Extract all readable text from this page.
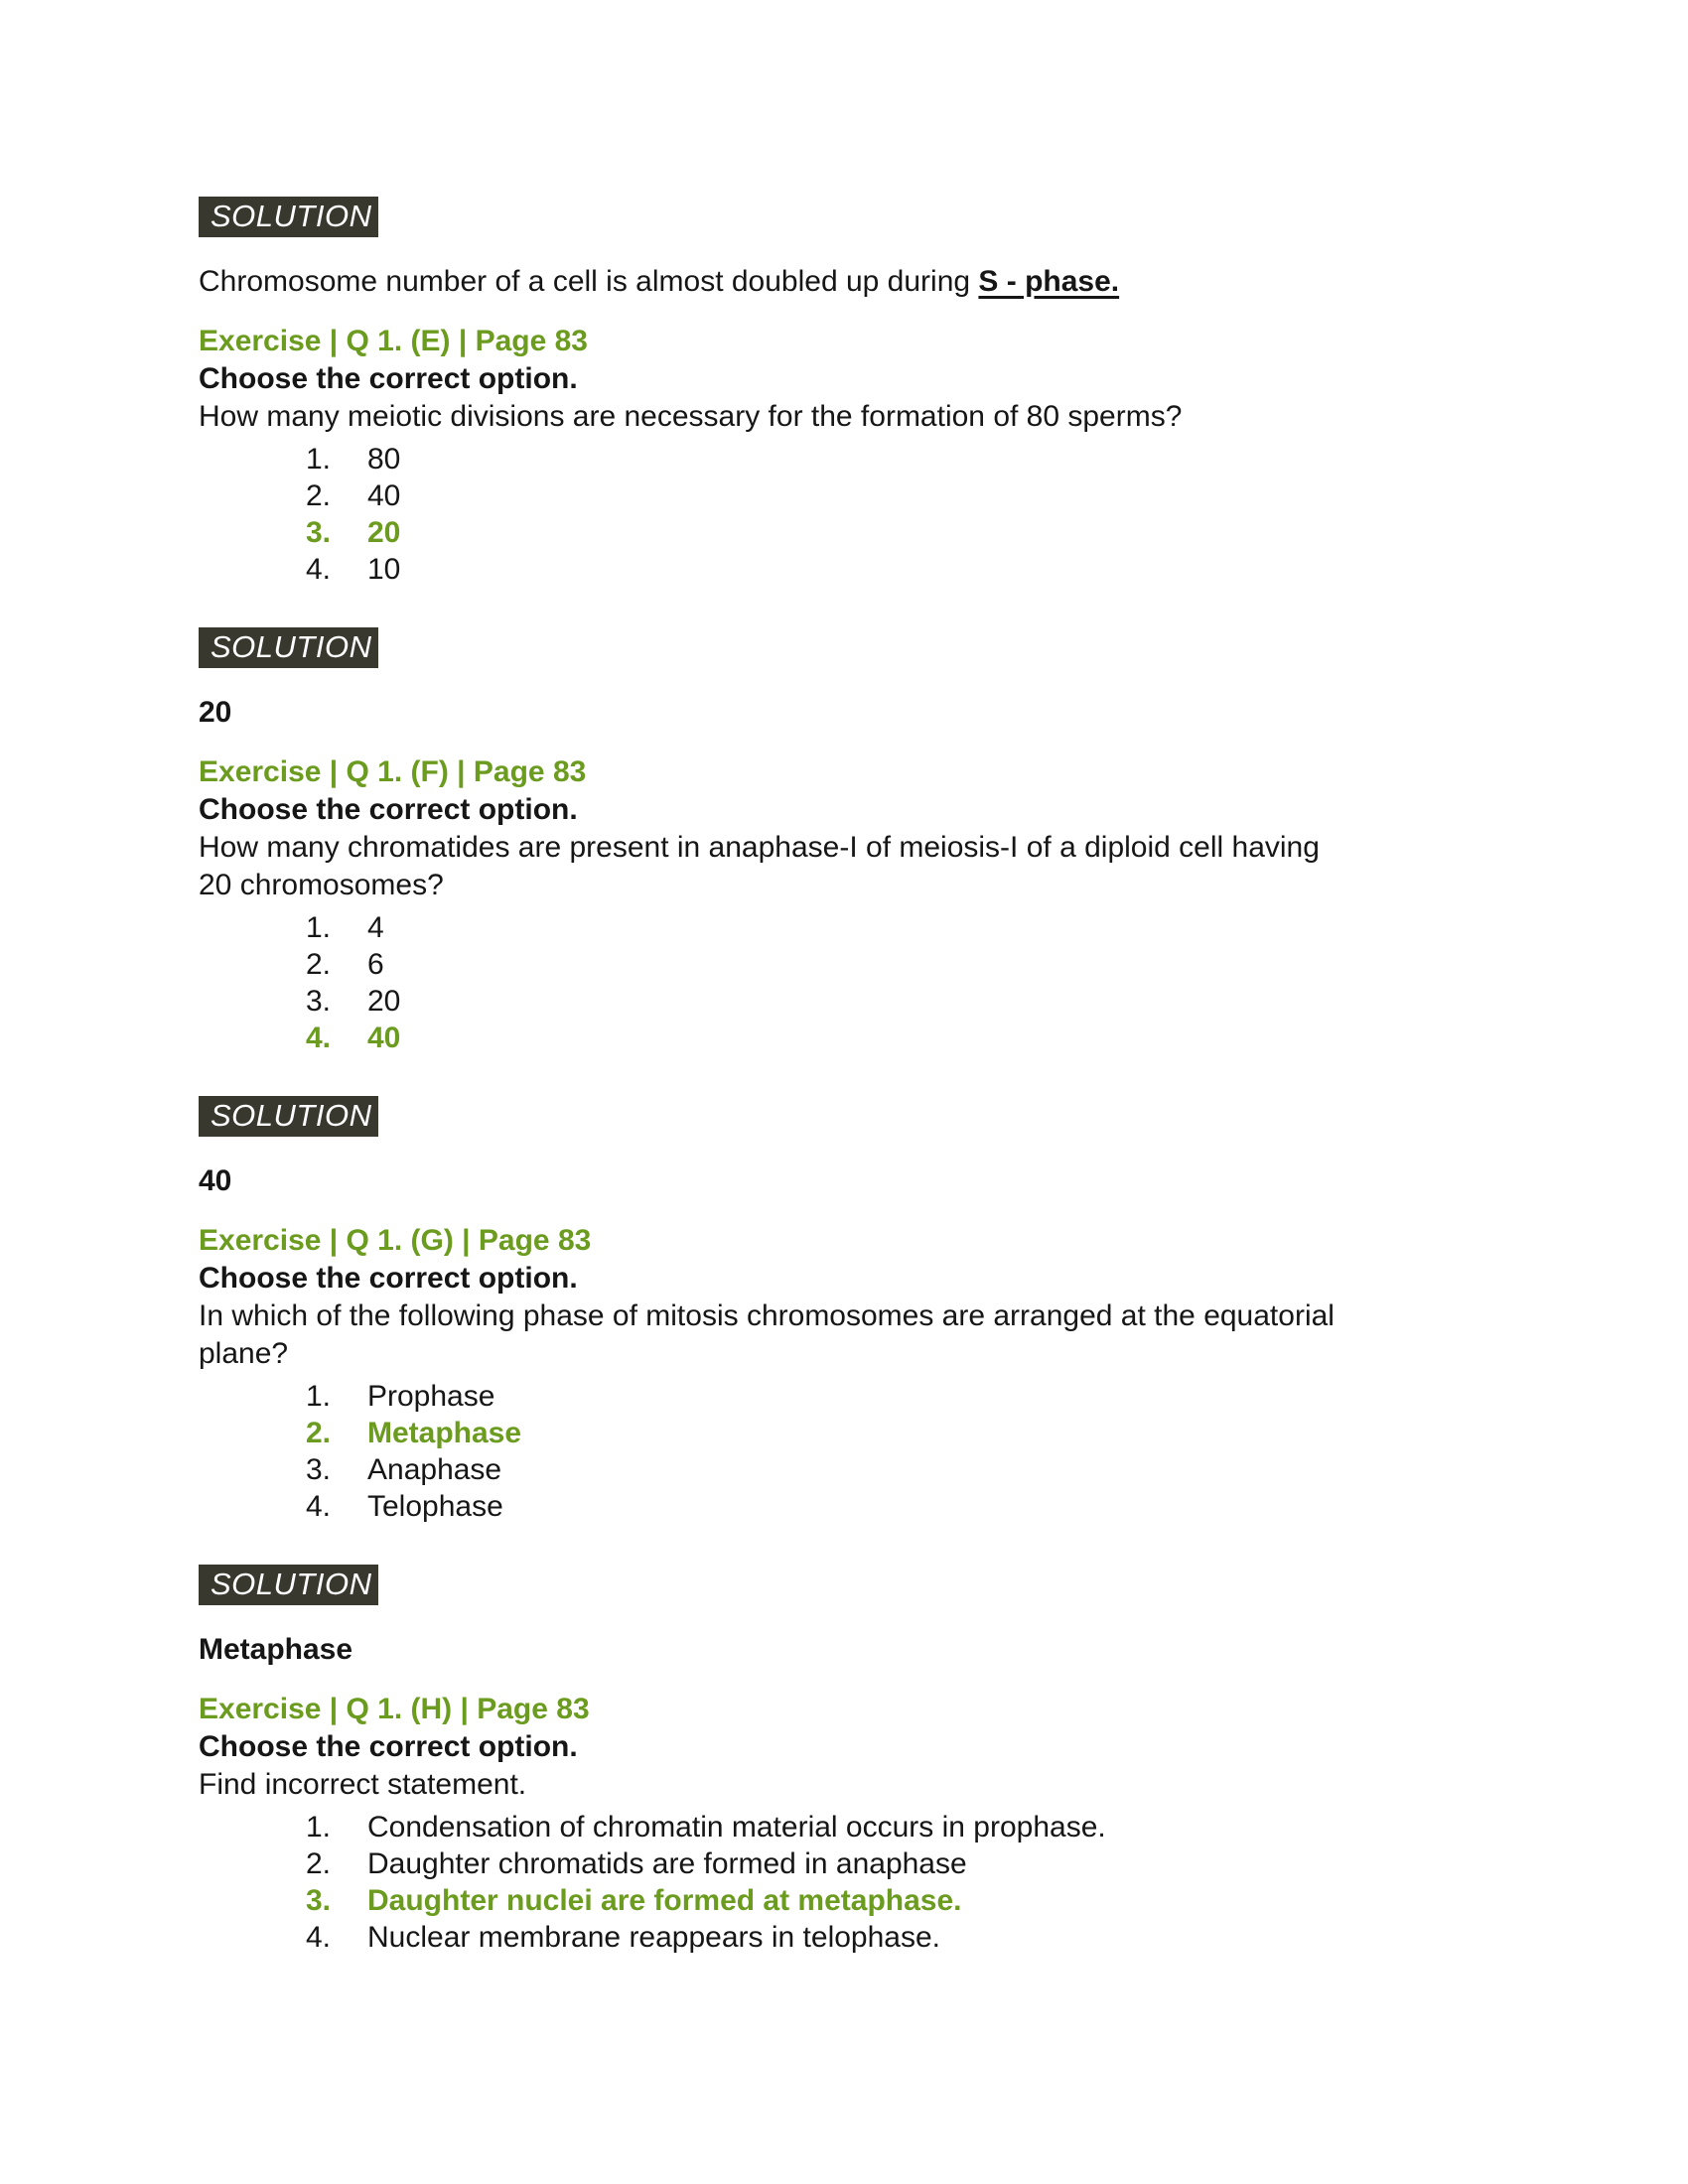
SOLUTION

Chromosome number of a cell is almost doubled up during S - phase.

Exercise | Q 1. (E) | Page 83
Choose the correct option.
How many meiotic divisions are necessary for the formation of 80 sperms?
1.	80
2.	40
3.	20
4.	10
SOLUTION

20

Exercise | Q 1. (F) | Page 83
Choose the correct option.
How many chromatides are present in anaphase-I of meiosis-I of a diploid cell having
20 chromosomes?
1.	4
2.	6
3.	20
4.	40
SOLUTION

40

Exercise | Q 1. (G) | Page 83
Choose the correct option.
In which of the following phase of mitosis chromosomes are arranged at the equatorial
plane?
1.	Prophase
2.	Metaphase
3.	Anaphase
4.	Telophase
SOLUTION

Metaphase

Exercise | Q 1. (H) | Page 83
Choose the correct option.
Find incorrect statement.
1.	Condensation of chromatin material occurs in prophase.
2.	Daughter chromatids are formed in anaphase
3.	Daughter nuclei are formed at metaphase.
4.	Nuclear membrane reappears in telophase.
